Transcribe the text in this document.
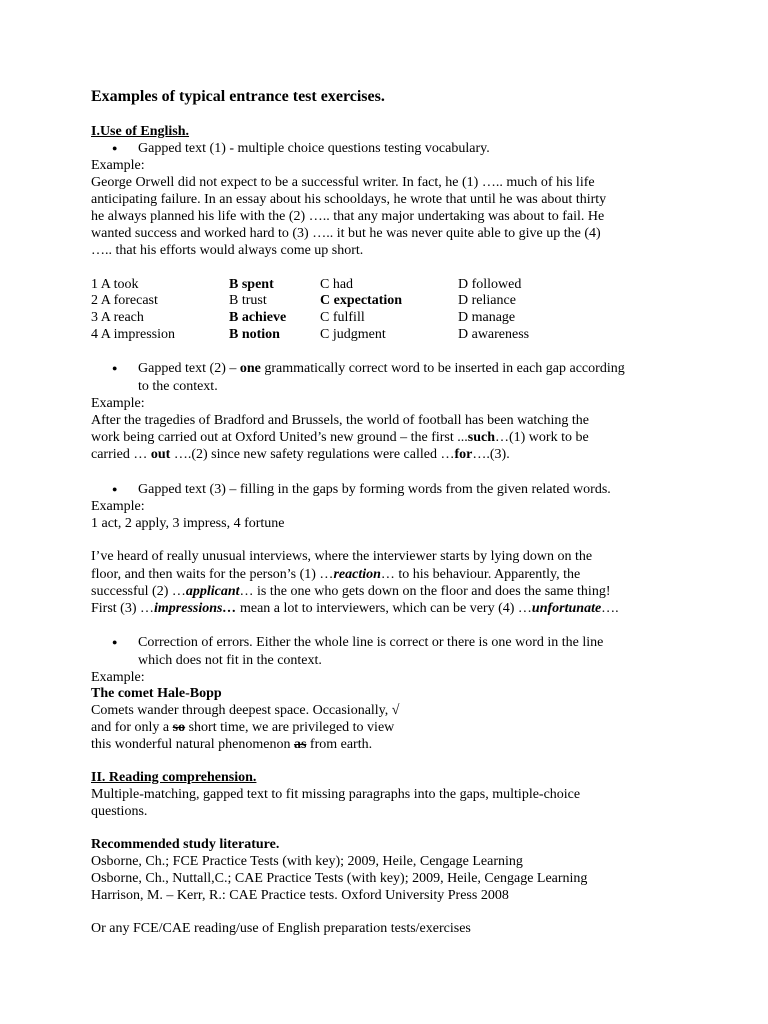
Examples of typical entrance test exercises.
I.Use of English.
● Gapped text (1) - multiple choice questions testing vocabulary.
Example:
George Orwell did not expect to be a successful writer. In fact, he (1) ….. much of his life
anticipating failure. In an essay about his schooldays, he wrote that until he was about thirty
he always planned his life with the (2) ….. that any major undertaking was about to fail. He
wanted success and worked hard to (3) ….. it but he was never quite able to give up the (4)
….. that his efforts would always come up short.
1 A took	B spent	C had	D followed
2 A forecast	B trust	C expectation	D reliance
3 A reach	B achieve C fulfill	D manage
4 A impression	B notion	C judgment	D awareness
● Gapped text (2) – one grammatically correct word to be inserted in each gap according
to the context.
Example:
After the tragedies of Bradford and Brussels, the world of football has been watching the
work being carried out at Oxford United’s new ground – the first ...such…(1) work to be
carried … out ….(2) since new safety regulations were called …for….(3).
● Gapped text (3) – filling in the gaps by forming words from the given related words.
Example:
1 act, 2 apply, 3 impress, 4 fortune
I’ve heard of really unusual interviews, where the interviewer starts by lying down on the
floor, and then waits for the person’s (1) …reaction… to his behaviour. Apparently, the
successful (2) …applicant… is the one who gets down on the floor and does the same thing!
First (3) …impressions… mean a lot to interviewers, which can be very (4) …unfortunate….
● Correction of errors. Either the whole line is correct or there is one word in the line
which does not fit in the context.
Example:
The comet Hale-Bopp
Comets wander through deepest space. Occasionally, √
and for only a so short time, we are privileged to view
this wonderful natural phenomenon as from earth.
II. Reading comprehension.
Multiple-matching, gapped text to fit missing paragraphs into the gaps, multiple-choice
questions.
Recommended study literature.
Osborne, Ch.; FCE Practice Tests (with key); 2009, Heile, Cengage Learning
Osborne, Ch., Nuttall,C.; CAE Practice Tests (with key); 2009, Heile, Cengage Learning
Harrison, M. – Kerr, R.: CAE Practice tests. Oxford University Press 2008
Or any FCE/CAE reading/use of English preparation tests/exercises
